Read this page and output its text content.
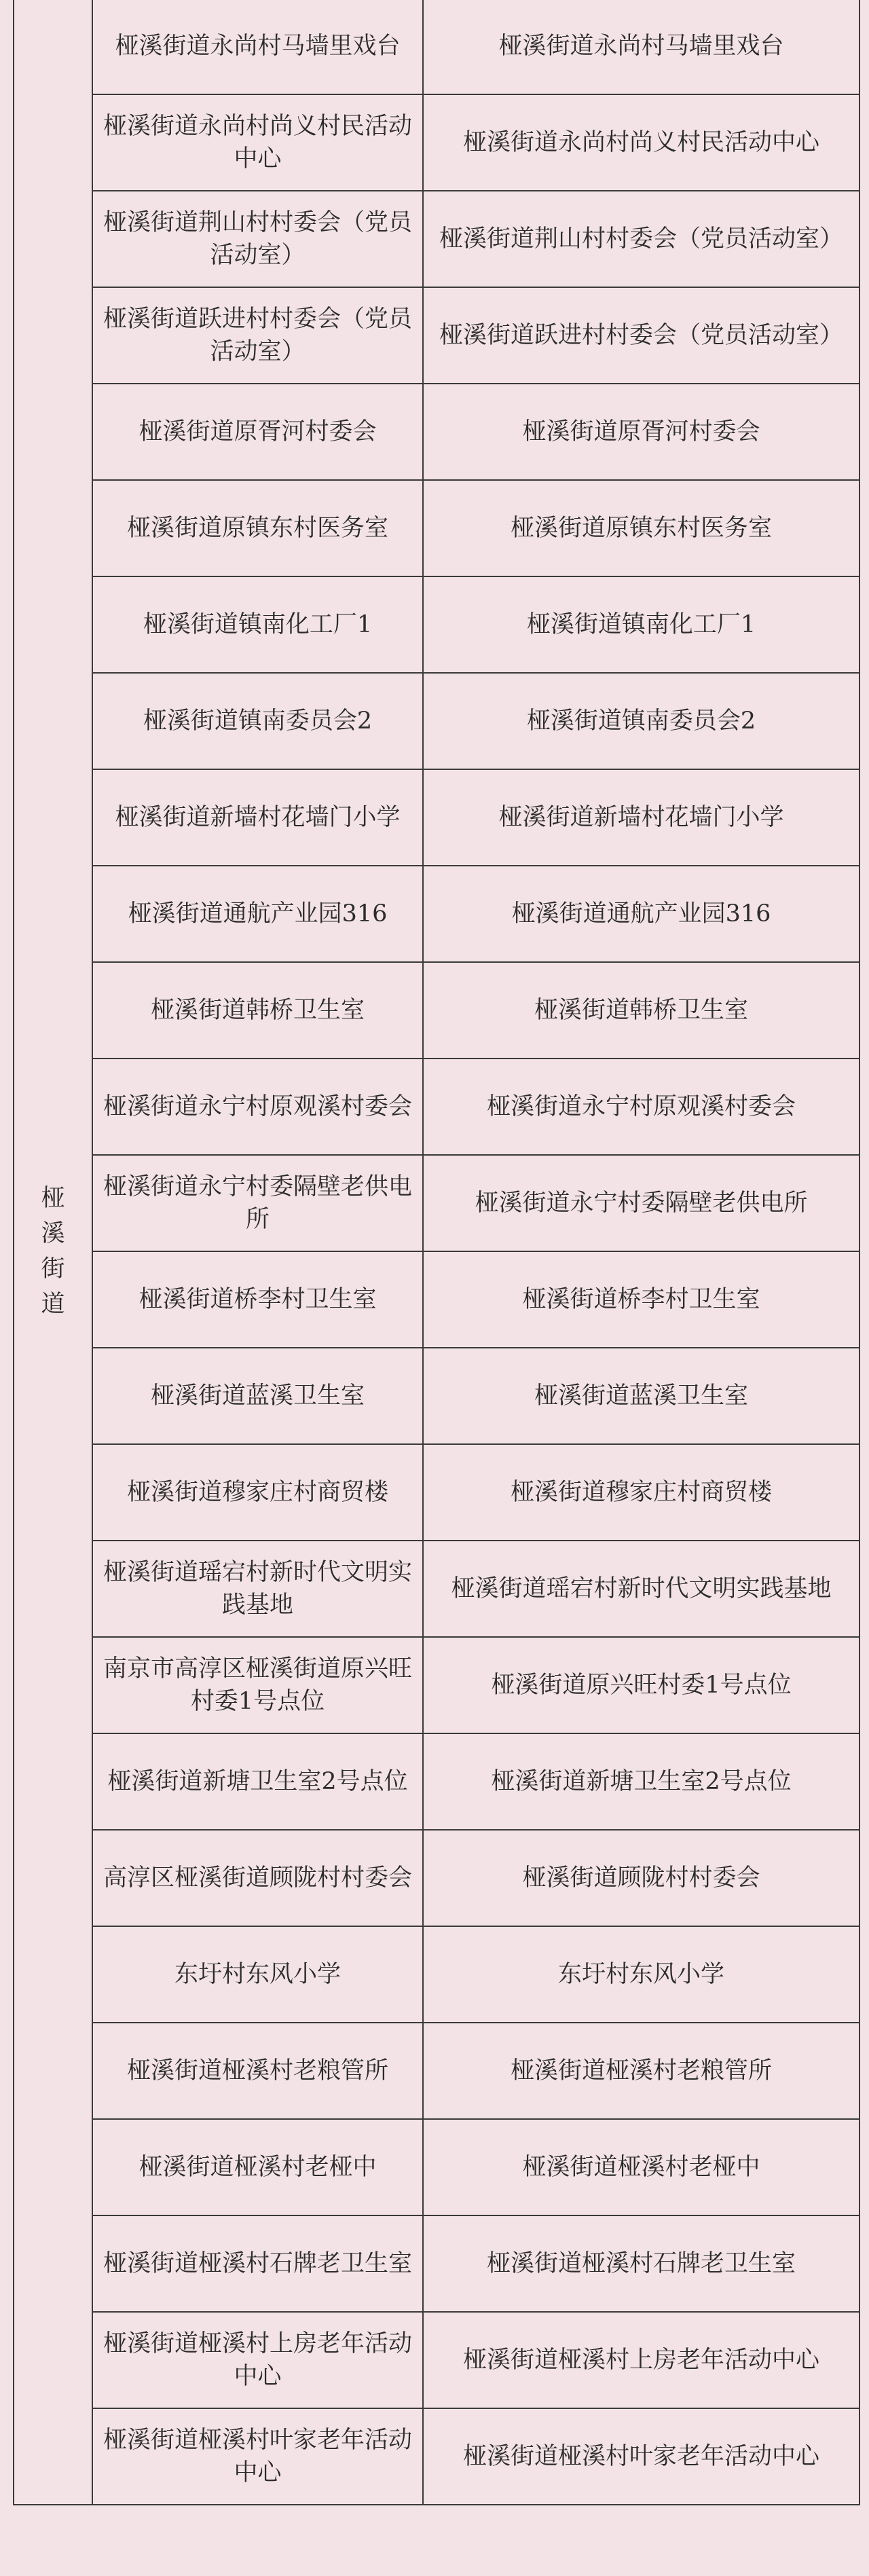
桠溪街道	桠溪街道永尚村马墙里戏台	桠溪街道永尚村马墙里戏台
	桠溪街道永尚村尚义村民活动中心	桠溪街道永尚村尚义村民活动中心
	桠溪街道荆山村村委会（党员活动室）	桠溪街道荆山村村委会（党员活动室）
	桠溪街道跃进村村委会（党员活动室）	桠溪街道跃进村村委会（党员活动室）
	桠溪街道原胥河村委会	桠溪街道原胥河村委会
	桠溪街道原镇东村医务室	桠溪街道原镇东村医务室
	桠溪街道镇南化工厂1	桠溪街道镇南化工厂1
	桠溪街道镇南委员会2	桠溪街道镇南委员会2
	桠溪街道新墙村花墙门小学	桠溪街道新墙村花墙门小学
	桠溪街道通航产业园316	桠溪街道通航产业园316
	桠溪街道韩桥卫生室	桠溪街道韩桥卫生室
	桠溪街道永宁村原观溪村委会	桠溪街道永宁村原观溪村委会
	桠溪街道永宁村委隔壁老供电所	桠溪街道永宁村委隔壁老供电所
	桠溪街道桥李村卫生室	桠溪街道桥李村卫生室
	桠溪街道蓝溪卫生室	桠溪街道蓝溪卫生室
	桠溪街道穆家庄村商贸楼	桠溪街道穆家庄村商贸楼
	桠溪街道瑶宕村新时代文明实践基地	桠溪街道瑶宕村新时代文明实践基地
	南京市高淳区桠溪街道原兴旺村委1号点位	桠溪街道原兴旺村委1号点位
	桠溪街道新塘卫生室2号点位	桠溪街道新塘卫生室2号点位
	高淳区桠溪街道顾陇村村委会	桠溪街道顾陇村村委会
	东圩村东风小学	东圩村东风小学
	桠溪街道桠溪村老粮管所	桠溪街道桠溪村老粮管所
	桠溪街道桠溪村老桠中	桠溪街道桠溪村老桠中
	桠溪街道桠溪村石牌老卫生室	桠溪街道桠溪村石牌老卫生室
	桠溪街道桠溪村上房老年活动中心	桠溪街道桠溪村上房老年活动中心
	桠溪街道桠溪村叶家老年活动中心	桠溪街道桠溪村叶家老年活动中心
